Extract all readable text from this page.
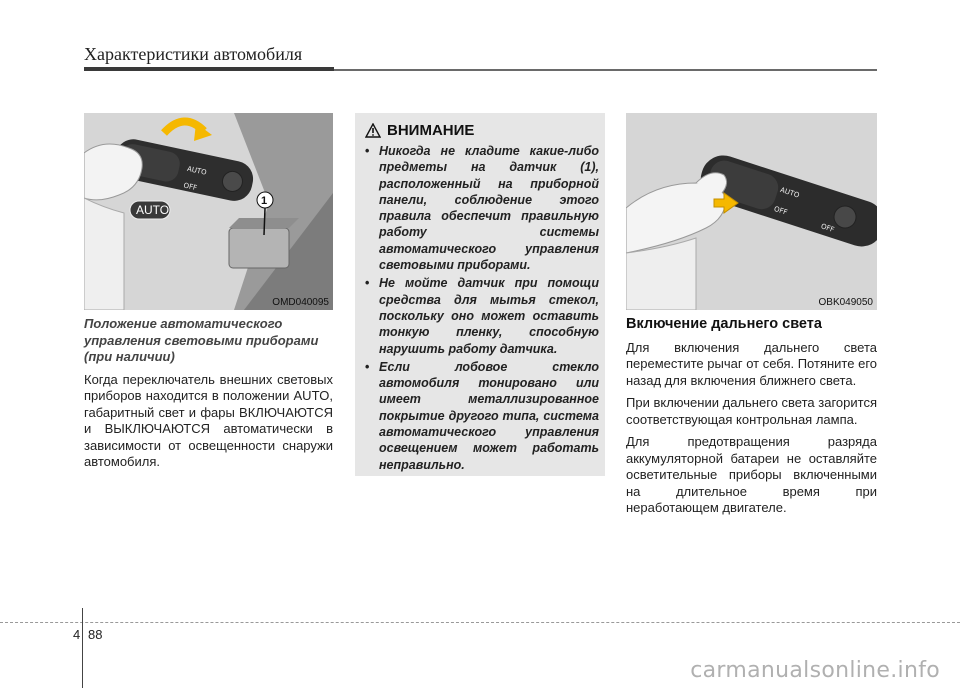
Характеристики автомобиля
AUTO
OFF
AUTO
1
OMD040095

Положение автоматического управления световыми приборами (при наличии)

Когда переключатель внешних световых приборов находится в положении AUTO, габаритный свет и фары ВКЛЮЧАЮТСЯ и ВЫКЛЮЧАЮТСЯ автоматически в зависимости от освещенности снаружи автомобиля.

ВНИМАНИЕ
• Никогда не кладите какие-либо предметы на датчик (1), расположенный на приборной панели, соблюдение этого правила обеспечит правильную работу системы автоматического управления световыми приборами.
• Не мойте датчик при помощи средства для мытья стекол, поскольку оно может оставить тонкую пленку, способную нарушить работу датчика.
• Если лобовое стекло автомобиля тонировано или имеет металлизированное покрытие другого типа, система автоматического управления освещением может работать неправильно.
AUTO
OFF
OFF
OBK049050

Включение дальнего света

Для включения дальнего света переместите рычаг от себя. Потяните его назад для включения ближнего света.

При включении дальнего света загорится соответствующая контрольная лампа.

Для предотвращения разряда аккумуляторной батареи не оставляйте осветительные приборы включенными на длительное время при неработающем двигателе.

4 88
carmanualsonline.info
